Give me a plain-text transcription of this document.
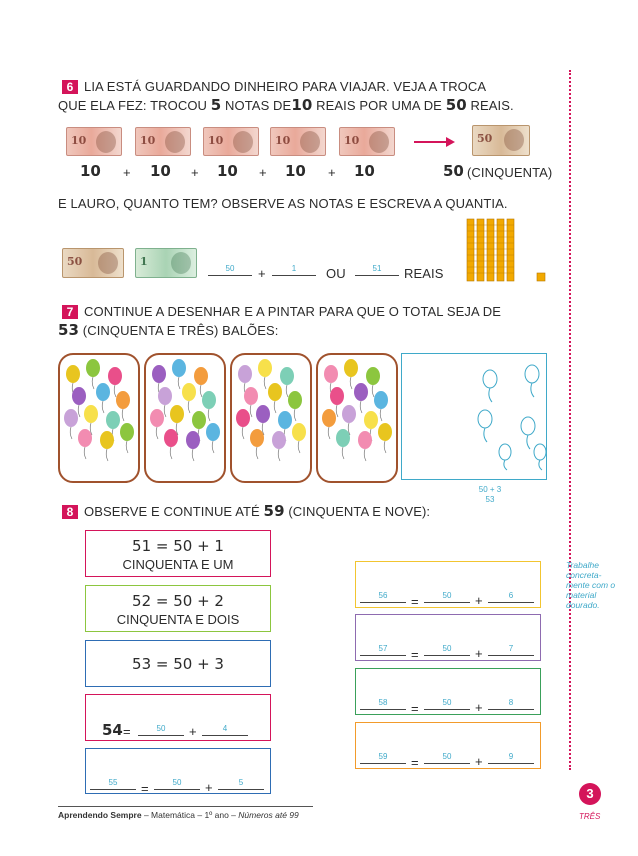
6 LIA ESTÁ GUARDANDO DINHEIRO PARA VIAJAR. VEJA A TROCA
QUE ELA FEZ: TROCOU 5 NOTAS DE10 REAIS POR UMA DE 50 REAIS.
10	10	10	10	10	50
10 + 10 + 10 + 10 + 10	50 (CINQUENTA)
E LAURO, QUANTO TEM? OBSERVE AS NOTAS E ESCREVA A QUANTIA.
50	1
50	+	1	OU	51	REAIS
7 CONTINUE A DESENHAR E A PINTAR PARA QUE O TOTAL SEJA DE
53 (CINQUENTA E TRÊS) BALÕES:
50 + 3
53
8 OBSERVE E CONTINUE ATÉ 59 (CINQUENTA E NOVE):
51 = 50 + 1
CINQUENTA E UM
52 = 50 + 2
CINQUENTA E DOIS
53 = 50 + 3
54 =	50	+	4
55	=	50	+	5
56	=	50	+	6
57	=	50	+	7
58	=	50	+	8
59	=	50	+	9
Trabalhe concreta- mente com o material dourado.
Aprendendo Sempre – Matemática – 1º ano – Números até 99
3
TRÊS
